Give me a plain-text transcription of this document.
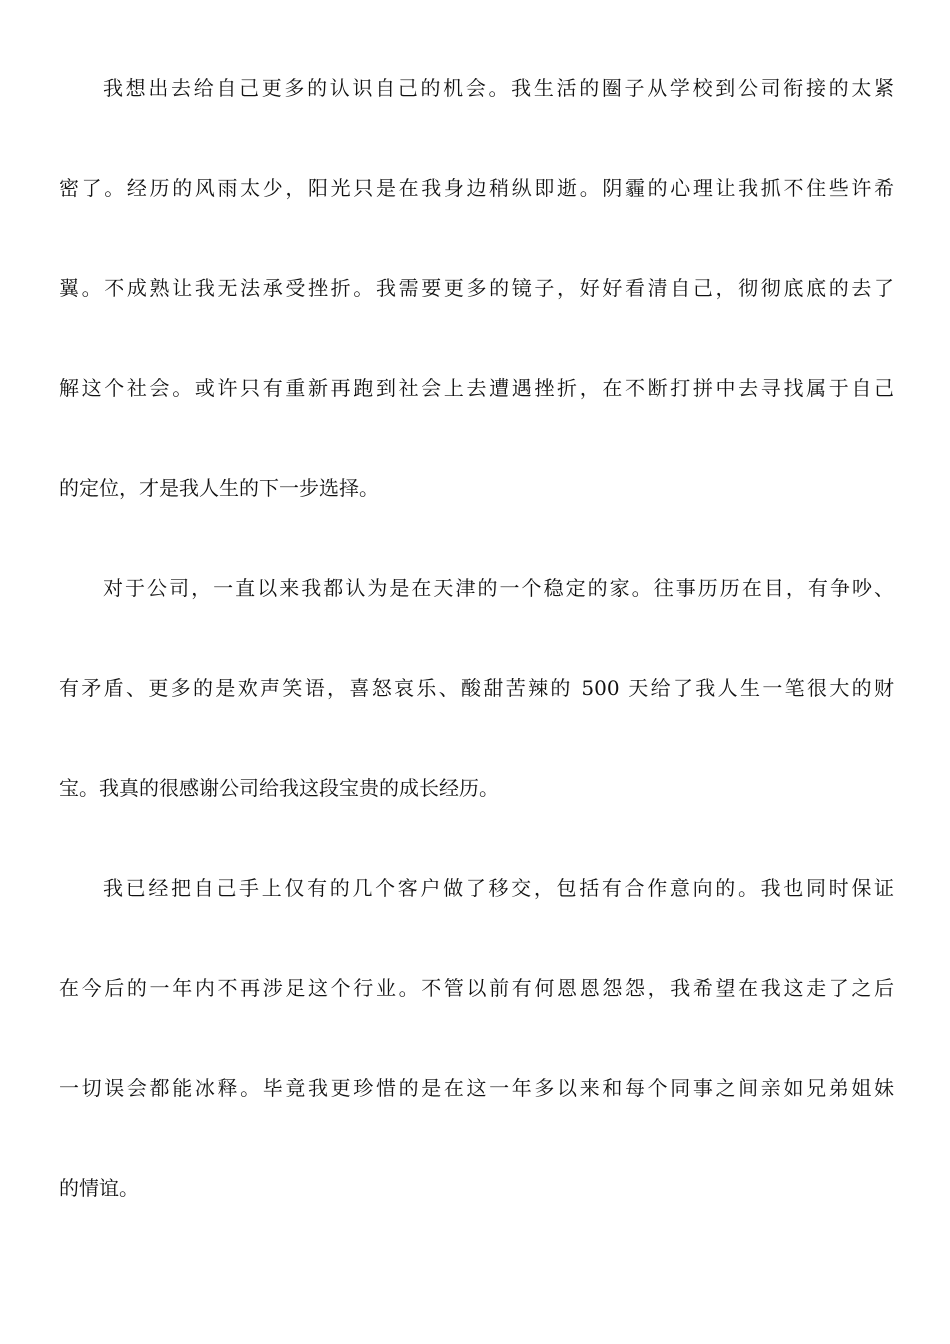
我想出去给自己更多的认识自己的机会。我生活的圈子从学校到公司衔接的太紧
密了。经历的风雨太少，阳光只是在我身边稍纵即逝。阴霾的心理让我抓不住些许希
翼。不成熟让我无法承受挫折。我需要更多的镜子，好好看清自己，彻彻底底的去了
解这个社会。或许只有重新再跑到社会上去遭遇挫折，在不断打拼中去寻找属于自己
的定位，才是我人生的下一步选择。
对于公司，一直以来我都认为是在天津的一个稳定的家。往事历历在目，有争吵、
有矛盾、更多的是欢声笑语，喜怒哀乐、酸甜苦辣的 500 天给了我人生一笔很大的财
宝。我真的很感谢公司给我这段宝贵的成长经历。
我已经把自己手上仅有的几个客户做了移交，包括有合作意向的。我也同时保证
在今后的一年内不再涉足这个行业。不管以前有何恩恩怨怨，我希望在我这走了之后
一切误会都能冰释。毕竟我更珍惜的是在这一年多以来和每个同事之间亲如兄弟姐妹
的情谊。
